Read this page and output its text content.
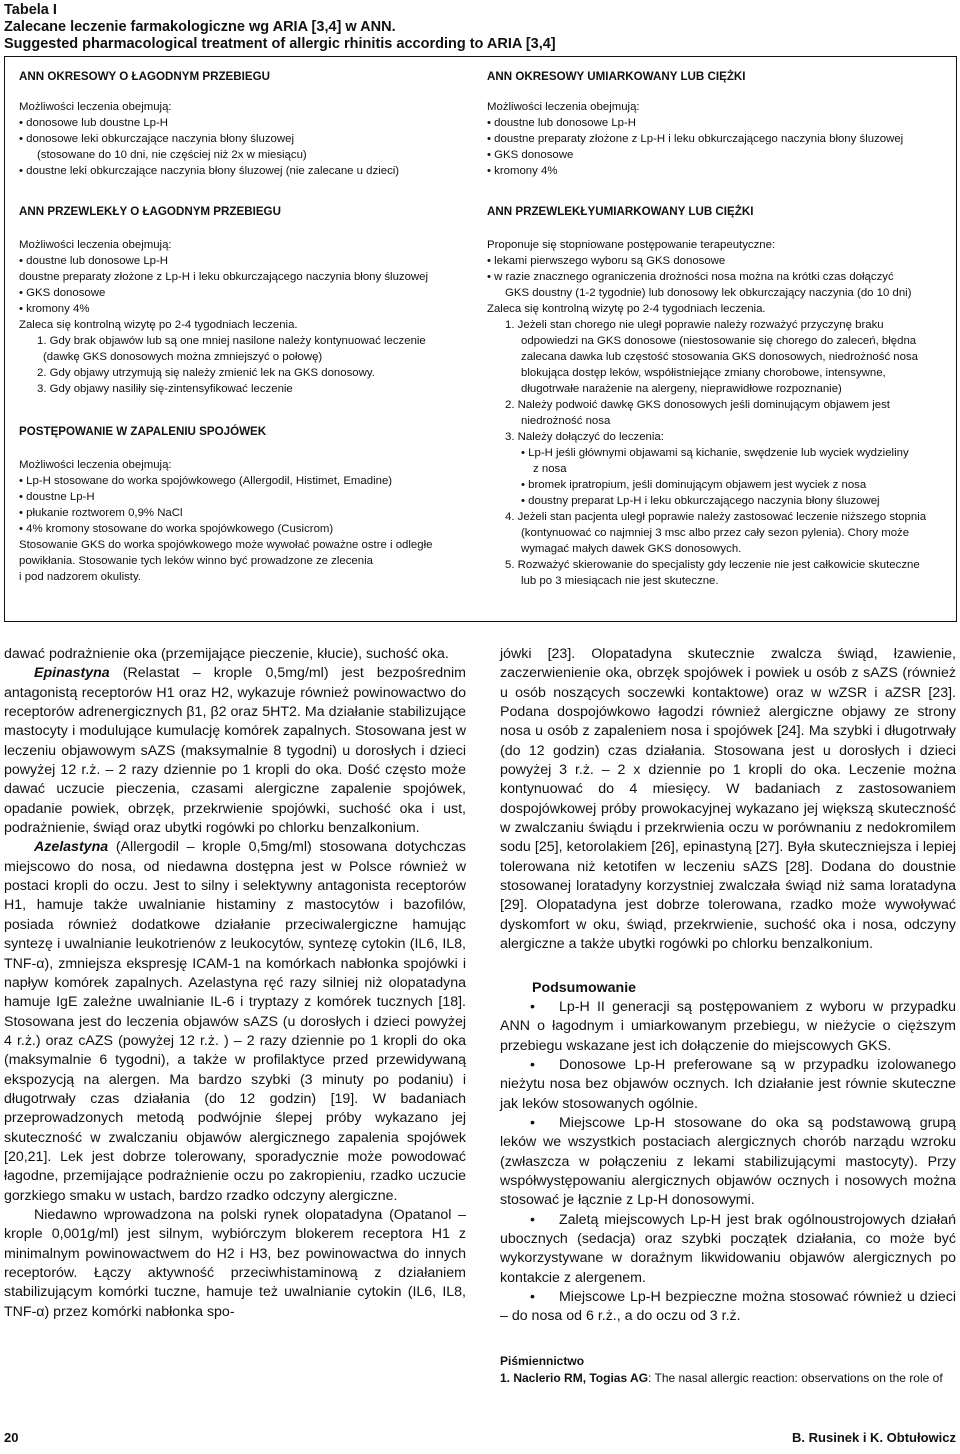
Tabela I
Zalecane leczenie farmakologiczne wg ARIA [3,4] w ANN.
Suggested pharmacological treatment of allergic rhinitis according to ARIA [3,4]
ANN OKRESOWY O ŁAGODNYM PRZEBIEGU

Możliwości leczenia obejmują:

• donosowe lub doustne Lp-H

• donosowe leki obkurczające naczynia błony śluzowej

(stosowane do 10 dni, nie częściej niż 2x w miesiącu)

• doustne leki obkurczające naczynia błony śluzowej (nie zalecane u dzieci)

ANN PRZEWLEKŁY O ŁAGODNYM PRZEBIEGU

Możliwości leczenia obejmują:

• doustne lub donosowe Lp-H

doustne preparaty złożone z Lp-H i leku obkurczającego naczynia błony śluzowej

• GKS donosowe

• kromony 4%

Zaleca się kontrolną wizytę po 2-4 tygodniach leczenia.

1. Gdy brak objawów lub są one mniej nasilone należy kontynuować leczenie

(dawkę GKS donosowych można zmniejszyć o połowę)

2. Gdy objawy utrzymują się należy zmienić lek na GKS donosowy.

3. Gdy objawy nasiliły się-zintensyfikować leczenie

POSTĘPOWANIE W ZAPALENIU SPOJÓWEK

Możliwości leczenia obejmują:

• Lp-H stosowane do worka spojówkowego (Allergodil, Histimet, Emadine)

• doustne Lp-H

• płukanie roztworem 0,9% NaCl

• 4% kromony stosowane do worka spojówkowego (Cusicrom)

Stosowanie GKS do worka spojówkowego może wywołać poważne ostre i odległe

powikłania. Stosowanie tych leków winno być prowadzone ze zlecenia

i pod nadzorem okulisty.

ANN OKRESOWY UMIARKOWANY LUB CIĘŻKI

Możliwości leczenia obejmują:

• doustne lub donosowe Lp-H

• doustne preparaty złożone z Lp-H i leku obkurczającego naczynia błony śluzowej

• GKS donosowe

• kromony 4%

ANN PRZEWLEKŁYUMIARKOWANY LUB CIĘŻKI

Proponuje się stopniowane postępowanie terapeutyczne:

• lekami pierwszego wyboru są GKS donosowe

• w razie znacznego ograniczenia drożności nosa można na krótki czas dołączyć

GKS doustny (1-2 tygodnie) lub donosowy lek obkurczający naczynia (do 10 dni)

Zaleca się kontrolną wizytę po 2-4 tygodniach leczenia.

1. Jeżeli stan chorego nie uległ poprawie należy rozważyć przyczynę braku

odpowiedzi na GKS donosowe (niestosowanie się chorego do zaleceń, błędna

zalecana dawka lub częstość stosowania GKS donosowych, niedrożność nosa

blokująca dostęp leków, współistniejące zmiany chorobowe, intensywne,

długotrwałe narażenie na alergeny, nieprawidłowe rozpoznanie)

2. Należy podwoić dawkę GKS donosowych jeśli dominującym objawem jest

niedrożność nosa

3. Należy dołączyć do leczenia:

• Lp-H jeśli głównymi objawami są kichanie, swędzenie lub wyciek wydzieliny

z nosa

• bromek ipratropium, jeśli dominującym objawem jest wyciek z nosa

• doustny preparat Lp-H i leku obkurczającego naczynia błony śluzowej

4. Jeżeli stan pacjenta uległ poprawie należy zastosować leczenie niższego stopnia

(kontynuować co najmniej 3 msc albo przez cały sezon pylenia). Chory może

wymagać małych dawek GKS donosowych.

5. Rozważyć skierowanie do specjalisty gdy leczenie nie jest całkowicie skuteczne

lub po 3 miesiącach nie jest skuteczne.

dawać podrażnienie oka (przemijające pieczenie, kłucie), suchość oka.

Epinastyna (Relastat – krople 0,5mg/ml) jest bezpośrednim antagonistą receptorów H1 oraz H2, wykazuje również powinowactwo do receptorów adrenergicznych β1, β2 oraz 5HT2. Ma działanie stabilizujące mastocyty i modulujące kumulację komórek zapalnych. Stosowana jest w leczeniu objawowym sAZS (maksymalnie 8 tygodni) u dorosłych i dzieci powyżej 12 r.ż. – 2 razy dziennie po 1 kropli do oka. Dość często może dawać uczucie pieczenia, czasami alergiczne zapalenie spojówek, opadanie powiek, obrzęk, przekrwienie spojówki, suchość oka i ust, podrażnienie, świąd oraz ubytki rogówki po chlorku benzalkonium.

Azelastyna (Allergodil – krople 0,5mg/ml) stosowana dotychczas miejscowo do nosa, od niedawna dostępna jest w Polsce również w postaci kropli do oczu. Jest to silny i selektywny antagonista receptorów H1, hamuje także uwalnianie histaminy z mastocytów i bazofilów, posiada również dodatkowe działanie przeciwalergiczne hamując syntezę i uwalnianie leukotrienów z leukocytów, syntezę cytokin (IL6, IL8, TNF-α), zmniejsza ekspresję ICAM-1 na komórkach nabłonka spojówki i napływ komórek zapalnych. Azelastyna ręć razy silniej niż olopatadyna hamuje IgE zależne uwalnianie IL-6 i tryptazy z komórek tucznych [18]. Stosowana jest do leczenia objawów sAZS (u dorosłych i dzieci powyżej 4 r.ż.) oraz cAZS (powyżej 12 r.ż. ) – 2 razy dziennie po 1 kropli do oka (maksymalnie 6 tygodni), a także w profilaktyce przed przewidywaną ekspozycją na alergen. Ma bardzo szybki (3 minuty po podaniu) i długotrwały czas działania (do 12 godzin) [19]. W badaniach przeprowadzonych metodą podwójnie ślepej próby wykazano jej skuteczność w zwalczaniu objawów alergicznego zapalenia spojówek [20,21]. Lek jest dobrze tolerowany, sporadycznie może powodować łagodne, przemijające podrażnienie oczu po zakropieniu, rzadko uczucie gorzkiego smaku w ustach, bardzo rzadko odczyny alergiczne.

Niedawno wprowadzona na polski rynek olopatadyna (Opatanol – krople 0,001g/ml) jest silnym, wybiórczym blokerem receptora H1 z minimalnym powinowactwem do H2 i H3, bez powinowactwa do innych receptorów. Łączy aktywność przeciwhistaminową z działaniem stabilizującym komórki tuczne, hamuje też uwalnianie cytokin (IL6, IL8, TNF-α) przez komórki nabłonka spo-

jówki [23]. Olopatadyna skutecznie zwalcza świąd, łzawienie, zaczerwienienie oka, obrzęk spojówek i powiek u osób z sAZS (również u osób noszących soczewki kontaktowe) oraz w wZSR i aZSR [23]. Podana dospojówkowo łagodzi również alergiczne objawy ze strony nosa u osób z zapaleniem nosa i spojówek [24]. Ma szybki i długotrwały (do 12 godzin) czas działania. Stosowana jest u dorosłych i dzieci powyżej 3 r.ż. – 2 x dziennie po 1 kropli do oka. Leczenie można kontynuować do 4 miesięcy. W badaniach z zastosowaniem dospojówkowej próby prowokacyjnej wykazano jej większą skuteczność w zwalczaniu świądu i przekrwienia oczu w porównaniu z nedokromilem sodu [25], ketorolakiem [26], epinastyną [27]. Była skuteczniejsza i lepiej tolerowana niż ketotifen w leczeniu sAZS [28]. Dodana do doustnie stosowanej loratadyny korzystniej zwalczała świąd niż sama loratadyna [29]. Olopatadyna jest dobrze tolerowana, rzadko może wywoływać dyskomfort w oku, świąd, przekrwienie, suchość oka i nosa, odczyny alergiczne a także ubytki rogówki po chlorku benzalkonium.

Podsumowanie

• Lp-H II generacji są postępowaniem z wyboru w przypadku ANN o łagodnym i umiarkowanym przebiegu, w nieżycie o cięższym przebiegu wskazane jest ich dołączenie do miejscowych GKS.

• Donosowe Lp-H preferowane są w przypadku izolowanego nieżytu nosa bez objawów ocznych. Ich działanie jest równie skuteczne jak leków stosowanych ogólnie.

• Miejscowe Lp-H stosowane do oka są podstawową grupą leków we wszystkich postaciach alergicznych chorób narządu wzroku (zwłaszcza w połączeniu z lekami stabilizującymi mastocyty). Przy współwystępowaniu alergicznych objawów ocznych i nosowych można stosować je łącznie z Lp-H donosowymi.

• Zaletą miejscowych Lp-H jest brak ogólnoustrojowych działań ubocznych (sedacja) oraz szybki początek działania, co może być wykorzystywane w doraźnym likwidowaniu objawów alergicznych po kontakcie z alergenem.

• Miejscowe Lp-H bezpieczne można stosować również u dzieci – do nosa od 6 r.ż., a do oczu od 3 r.ż.

Piśmiennictwo

1. Naclerio RM, Togias AG: The nasal allergic reaction: observations on the role of

20	B. Rusinek i K. Obtułowicz
